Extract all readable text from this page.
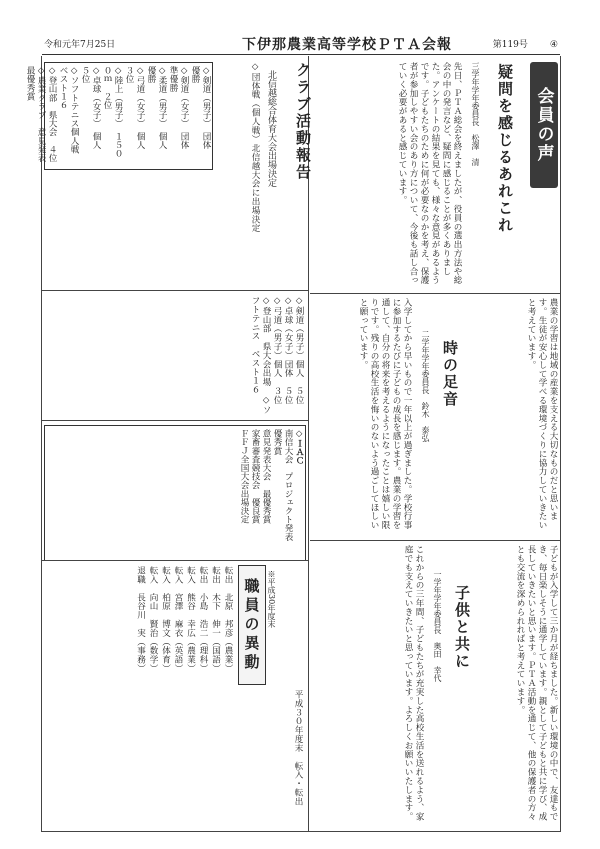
令和元年7月25日	下伊那農業高等学校ＰＴＡ会報	第119号 ④
会員の声
疑問を感じるあれこれ
三学年学年委員長　松澤　清
先日、ＰＴＡ総会を終えましたが、役員の選出方法や総会の中の発言など、疑問に感じることが多くありました。アンケートの結果を見ても、様々な意見があるようです。子どもたちのために何が必要なのかを考え、保護者が参加しやすい会のあり方について、今後も話し合っていく必要があると感じています。
農業の学習は地域の産業を支える大切なものだと思います。生徒が安心して学べる環境づくりに協力していきたいと考えています。
時の足音
二学年学年委員長　鈴木　泰弘
入学してから早いもので一年以上が過ぎました。学校行事に参加するたびに子どもの成長を感じます。農業の学習を通して、自分の将来を考えるようになったことは嬉しい限りです。残りの高校生活を悔いのないよう過ごしてほしいと願っています。
子供と共に
一学年学年委員長　奥田　幸代	子どもが入学して三か月が経ちました。新しい環境の中で、友達もでき、毎日楽しそうに通学しています。親として子どもと共に学び、成長していきたいと思います。ＰＴＡ活動を通じて、他の保護者の方々とも交流を深められればと考えています。
これからの三年間、子どもたちが充実した高校生活を送れるよう、家庭でも支えていきたいと思っています。よろしくお願いいたします。
クラブ活動報告
北信越総合体育大会出場決定
◇団体戦（個人戦）北信越大会に出場決定
◇剣道（男子）　団体　優勝
◇剣道（女子）　団体　準優勝
◇柔道（男子）　個人　優勝
◇弓道（女子）　個人　３位
◇陸上（男子）　１５００ｍ　２位
◇卓球（女子）　個人　５位
◇ソフトテニス個人戦　ベスト１６
◇登山部　県大会　４位
◇農業クラブ　意見発表　最優秀賞
◇剣道（男子）個人　５位　◇卓球（女子）団体　５位　◇弓道（男子）個人　３位　◇登山部　県大会出場　◇ソフトテニス　ベスト１６
◇ＩＡＣ
南信大会　プロジェクト発表　優秀賞
意見発表大会　最優秀賞
家畜審査競技会　優良賞
ＦＦＪ全国大会出場決定
職員の異動 ※平成30年度末
転出　北原　邦彦（農業）
転出　木下　伸一（国語）
転出　小島　浩二（理科）
転入　熊谷　幸広（農業）
転入　宮澤　麻衣（英語）
転入　柏原　博文（体育）
転入　向山　賢治（数学）
退職　長谷川　実（事務）
平成３０年度末　転入・転出
